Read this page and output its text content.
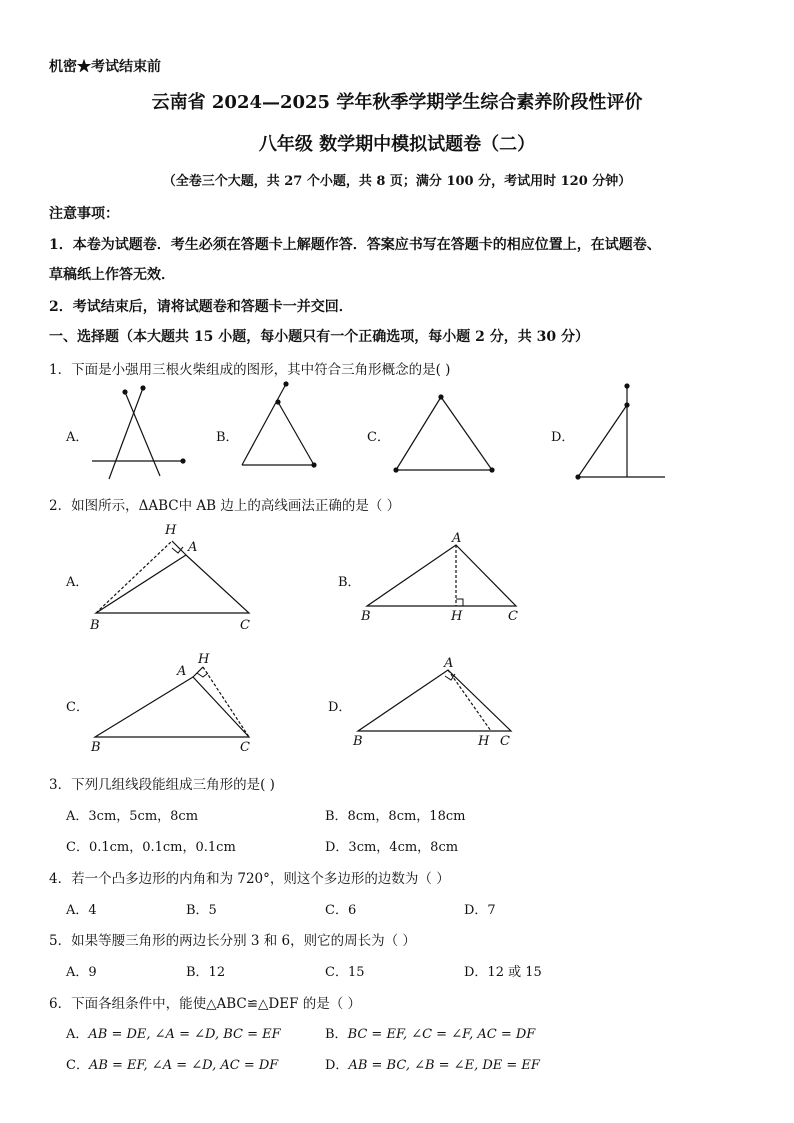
机密★考试结束前
云南省 2024—2025 学年秋季学期学生综合素养阶段性评价
八年级 数学期中模拟试题卷（二）
（全卷三个大题，共 27 个小题，共 8 页；满分 100 分，考试用时 120 分钟）
注意事项：
1．本卷为试题卷．考生必须在答题卡上解题作答．答案应书写在答题卡的相应位置上，在试题卷、
草稿纸上作答无效．
2．考试结束后，请将试题卷和答题卡一并交回．
一、选择题（本大题共 15 小题，每小题只有一个正确选项，每小题 2 分，共 30 分）
1．下面是小强用三根火柴组成的图形，其中符合三角形概念的是( )
A．	B．	C．	D．
2．如图所示，ΔABC中 AB 边上的高线画法正确的是（ ）
A．	B．
C．	D．
H
A
B	C
A
B	H	C
A
H
B	C
A
B	H C
3．下列几组线段能组成三角形的是( )
A．3cm，5cm，8cm	B．8cm，8cm，18cm
C．0.1cm，0.1cm，0.1cm	D．3cm，4cm，8cm
4．若一个凸多边形的内角和为 720°，则这个多边形的边数为（ ）
A．4	B．5	C．6	D．7
5．如果等腰三角形的两边长分别 3 和 6，则它的周长为（ ）
A．9	B．12	C．15	D．12 或 15
6．下面各组条件中，能使△ABC≌△DEF 的是（ ）
A．AB = DE, ∠A = ∠D, BC = EF	B．BC = EF, ∠C = ∠F, AC = DF
C．AB = EF, ∠A = ∠D, AC = DF	D．AB = BC, ∠B = ∠E, DE = EF
